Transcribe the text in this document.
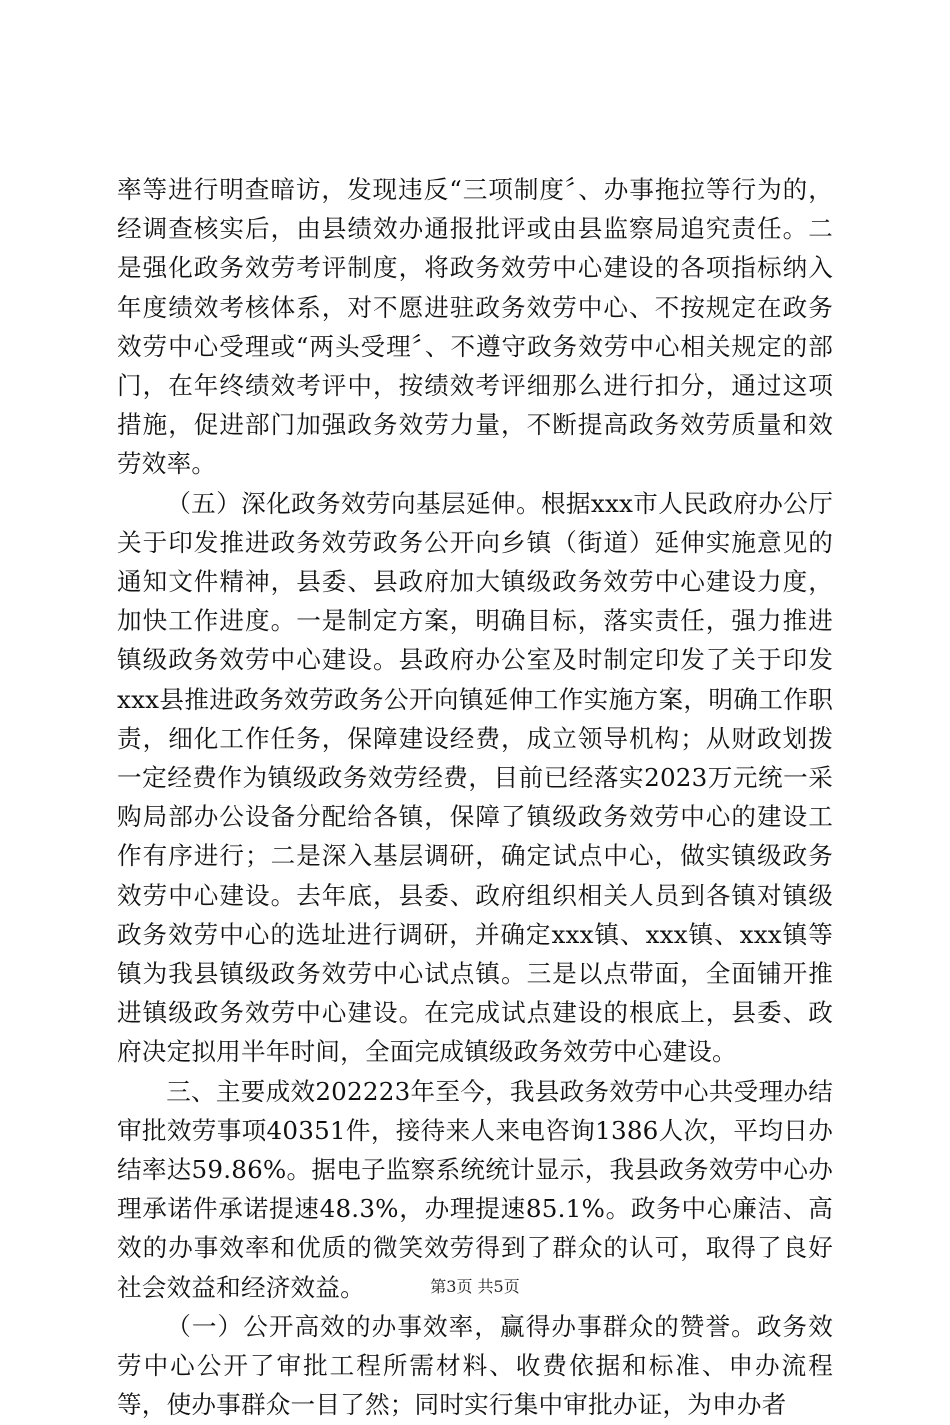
率等进行明查暗访，发现违反“三项制度〞、办事拖拉等行为的，经调查核实后，由县绩效办通报批评或由县监察局追究责任。二是强化政务效劳考评制度，将政务效劳中心建设的各项指标纳入年度绩效考核体系，对不愿进驻政务效劳中心、不按规定在政务效劳中心受理或“两头受理〞、不遵守政务效劳中心相关规定的部门，在年终绩效考评中，按绩效考评细那么进行扣分，通过这项措施，促进部门加强政务效劳力量，不断提高政务效劳质量和效劳效率。

（五）深化政务效劳向基层延伸。根据xxx市人民政府办公厅关于印发推进政务效劳政务公开向乡镇（街道）延伸实施意见的通知文件精神，县委、县政府加大镇级政务效劳中心建设力度，加快工作进度。一是制定方案，明确目标，落实责任，强力推进镇级政务效劳中心建设。县政府办公室及时制定印发了关于印发xxx县推进政务效劳政务公开向镇延伸工作实施方案，明确工作职责，细化工作任务，保障建设经费，成立领导机构；从财政划拨一定经费作为镇级政务效劳经费，目前已经落实2023万元统一采购局部办公设备分配给各镇，保障了镇级政务效劳中心的建设工作有序进行；二是深入基层调研，确定试点中心，做实镇级政务效劳中心建设。去年底，县委、政府组织相关人员到各镇对镇级政务效劳中心的选址进行调研，并确定xxx镇、xxx镇、xxx镇等镇为我县镇级政务效劳中心试点镇。三是以点带面，全面铺开推进镇级政务效劳中心建设。在完成试点建设的根底上，县委、政府决定拟用半年时间，全面完成镇级政务效劳中心建设。

三、主要成效202223年至今，我县政务效劳中心共受理办结审批效劳事项40351件，接待来人来电咨询1386人次，平均日办结率达59.86%。据电子监察系统统计显示，我县政务效劳中心办理承诺件承诺提速48.3%，办理提速85.1%。政务中心廉洁、高效的办事效率和优质的微笑效劳得到了群众的认可，取得了良好社会效益和经济效益。

（一）公开高效的办事效率，赢得办事群众的赞誉。政务效劳中心公开了审批工程所需材料、收费依据和标准、申办流程等，使办事群众一目了然；同时实行集中审批办证，为申办者

第3页 共5页
